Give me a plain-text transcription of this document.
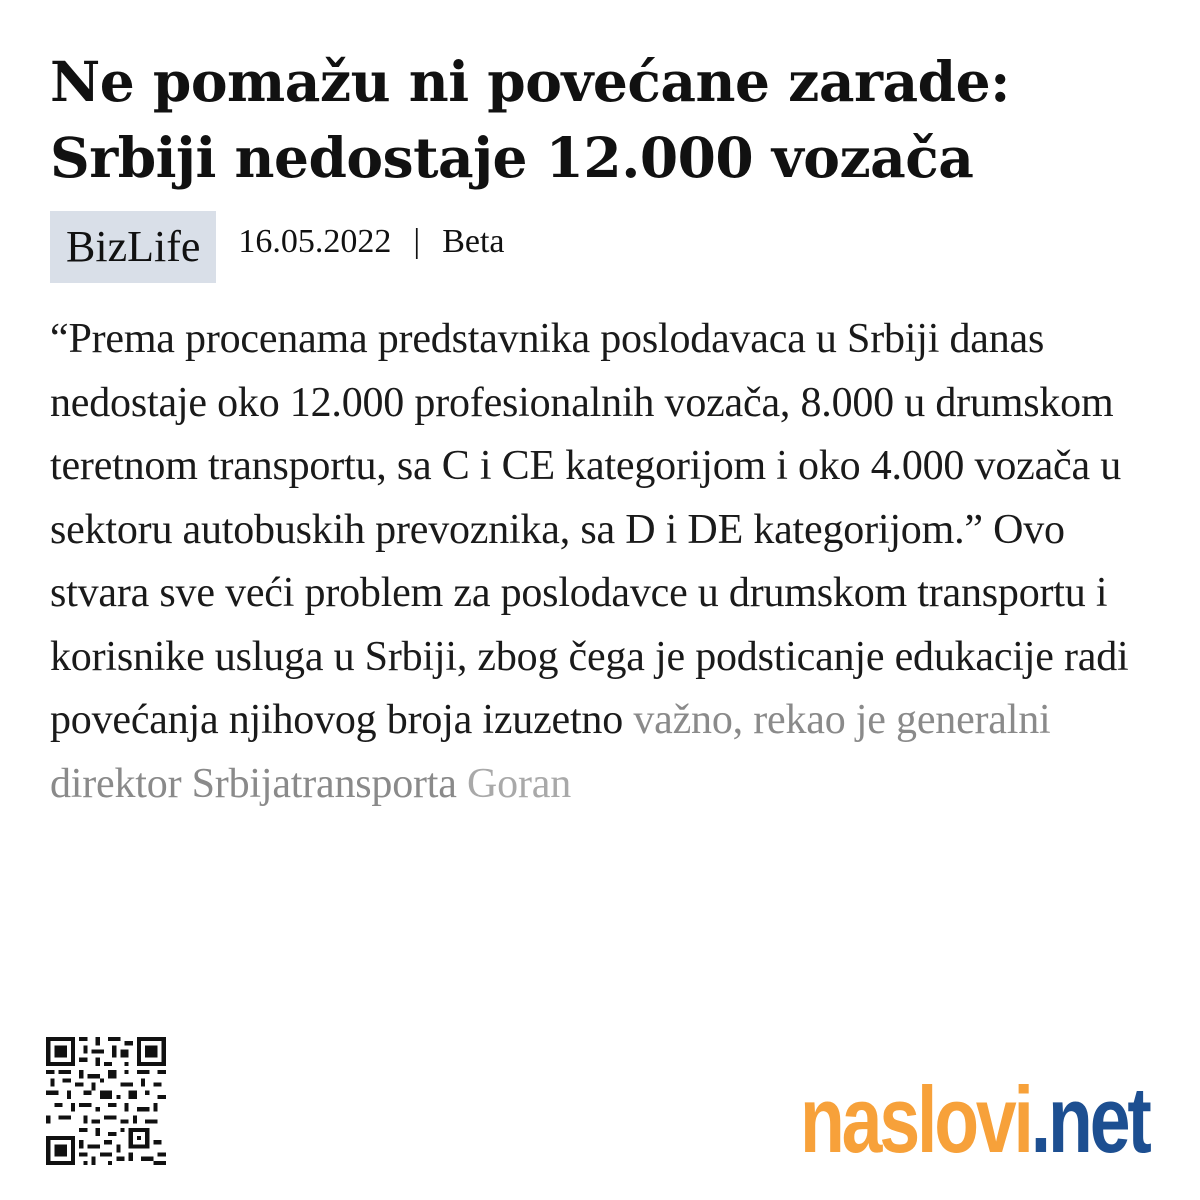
Ne pomažu ni povećane zarade: Srbiji nedostaje 12.000 vozača
BizLife	16.05.2022 | Beta

“Prema procenama predstavnika poslodavaca u Srbiji danas nedostaje oko 12.000 profesionalnih vozača, 8.000 u drumskom teretnom transportu, sa C i CE kategorijom i oko 4.000 vozača u sektoru autobuskih prevoznika, sa D i DE kategorijom.” Ovo stvara sve veći problem za poslodavce u drumskom transportu i korisnike usluga u Srbiji, zbog čega je podsticanje edukacije radi povećanja njihovog broja izuzetno važno, rekao je generalni direktor Srbijatransporta Goran

naslovi .net
